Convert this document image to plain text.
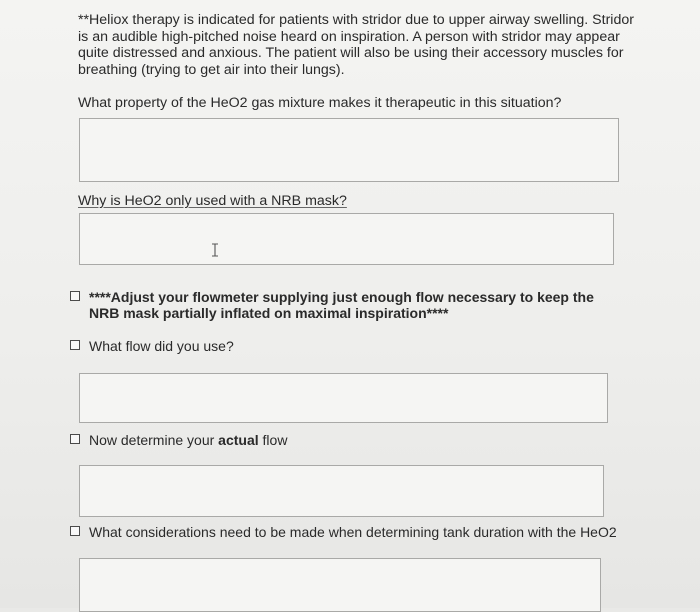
**Heliox therapy is indicated for patients with stridor due to upper airway swelling. Stridor is an audible high-pitched noise heard on inspiration. A person with stridor may appear quite distressed and anxious. The patient will also be using their accessory muscles for breathing (trying to get air into their lungs).

What property of the HeO2 gas mixture makes it therapeutic in this situation?

Why is HeO2 only used with a NRB mask?

****Adjust your flowmeter supplying just enough flow necessary to keep the NRB mask partially inflated on maximal inspiration****
What flow did you use?
Now determine your actual flow
What considerations need to be made when determining tank duration with the HeO2
